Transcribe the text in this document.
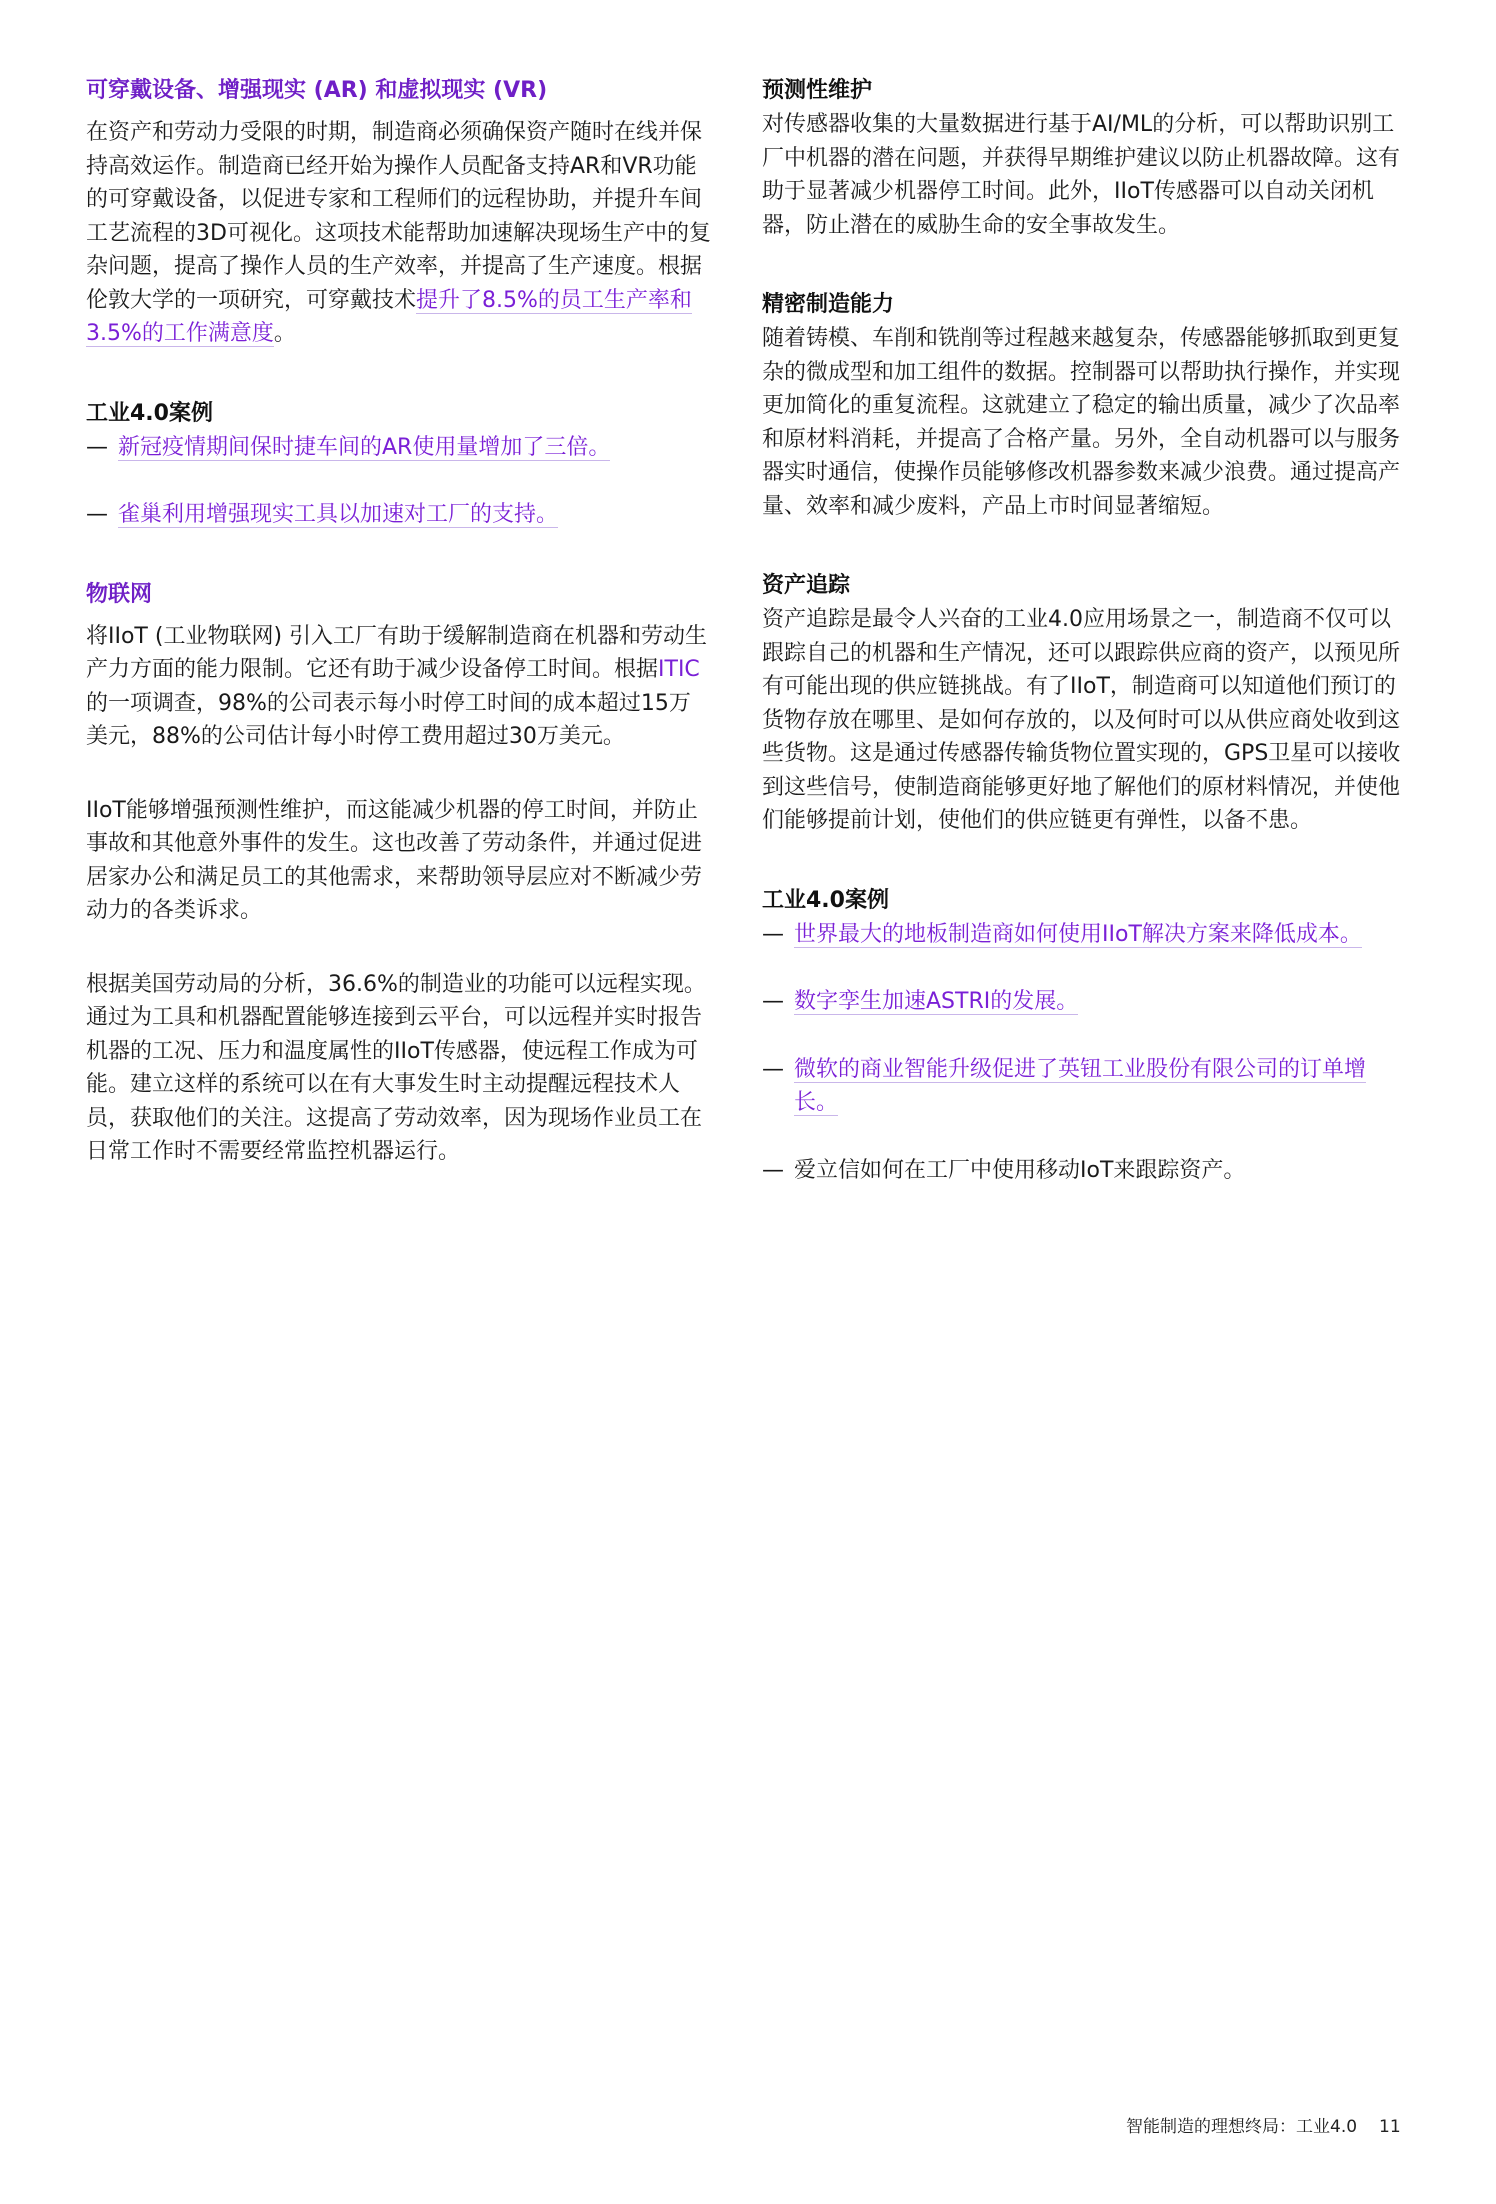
可穿戴设备、增强现实 (AR) 和虚拟现实 (VR)

在资产和劳动力受限的时期，制造商必须确保资产随时在线并保持高效运作。制造商已经开始为操作人员配备支持AR和VR功能的可穿戴设备，以促进专家和工程师们的远程协助，并提升车间工艺流程的3D可视化。这项技术能帮助加速解决现场生产中的复杂问题，提高了操作人员的生产效率，并提高了生产速度。根据伦敦大学的一项研究，可穿戴技术提升了8.5%的员工生产率和3.5%的工作满意度。

工业4.0案例
— 新冠疫情期间保时捷车间的AR使用量增加了三倍。
— 雀巢利用增强现实工具以加速对工厂的支持。
物联网

将IIoT (工业物联网) 引入工厂有助于缓解制造商在机器和劳动生产力方面的能力限制。它还有助于减少设备停工时间。根据ITIC的一项调查，98%的公司表示每小时停工时间的成本超过15万美元，88%的公司估计每小时停工费用超过30万美元。

IIoT能够增强预测性维护，而这能减少机器的停工时间，并防止事故和其他意外事件的发生。这也改善了劳动条件，并通过促进居家办公和满足员工的其他需求，来帮助领导层应对不断减少劳动力的各类诉求。

根据美国劳动局的分析，36.6%的制造业的功能可以远程实现。通过为工具和机器配置能够连接到云平台，可以远程并实时报告机器的工况、压力和温度属性的IIoT传感器，使远程工作成为可能。建立这样的系统可以在有大事发生时主动提醒远程技术人员，获取他们的关注。这提高了劳动效率，因为现场作业员工在日常工作时不需要经常监控机器运行。

预测性维护

对传感器收集的大量数据进行基于AI/ML的分析，可以帮助识别工厂中机器的潜在问题，并获得早期维护建议以防止机器故障。这有助于显著减少机器停工时间。此外，IIoT传感器可以自动关闭机器，防止潜在的威胁生命的安全事故发生。

精密制造能力

随着铸模、车削和铣削等过程越来越复杂，传感器能够抓取到更复杂的微成型和加工组件的数据。控制器可以帮助执行操作，并实现更加简化的重复流程。这就建立了稳定的输出质量，减少了次品率和原材料消耗，并提高了合格产量。另外，全自动机器可以与服务器实时通信，使操作员能够修改机器参数来减少浪费。通过提高产量、效率和减少废料，产品上市时间显著缩短。

资产追踪

资产追踪是最令人兴奋的工业4.0应用场景之一，制造商不仅可以跟踪自己的机器和生产情况，还可以跟踪供应商的资产，以预见所有可能出现的供应链挑战。有了IIoT，制造商可以知道他们预订的货物存放在哪里、是如何存放的，以及何时可以从供应商处收到这些货物。这是通过传感器传输货物位置实现的，GPS卫星可以接收到这些信号，使制造商能够更好地了解他们的原材料情况，并使他们能够提前计划，使他们的供应链更有弹性，以备不患。

工业4.0案例
— 世界最大的地板制造商如何使用IIoT解决方案来降低成本。
— 数字孪生加速ASTRI的发展。
— 微软的商业智能升级促进了英钮工业股份有限公司的订单增长。
— 爱立信如何在工厂中使用移动IoT来跟踪资产。
智能制造的理想终局：工业4.0 11
